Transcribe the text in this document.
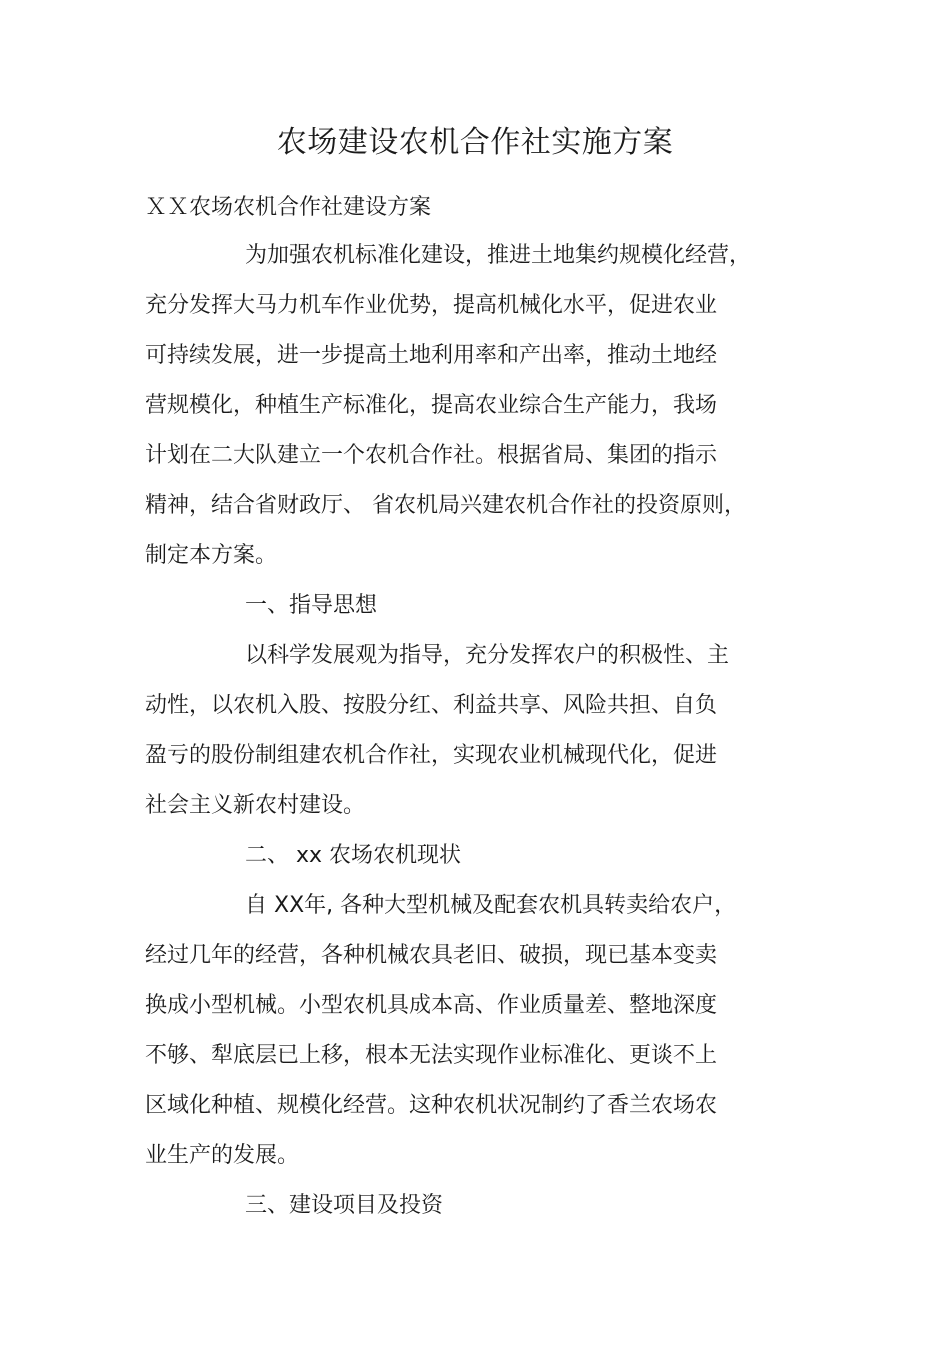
农场建设农机合作社实施方案
ＸＸ农场农机合作社建设方案
为加强农机标准化建设，推进土地集约规模化经营，
充分发挥大马力机车作业优势，提高机械化水平，促进农业
可持续发展，进一步提高土地利用率和产出率，推动土地经
营规模化，种植生产标准化，提高农业综合生产能力，我场
计划在二大队建立一个农机合作社。根据省局、集团的指示
精神，结合省财政厅、 省农机局兴建农机合作社的投资原则，
制定本方案。
一、指导思想
以科学发展观为指导，充分发挥农户的积极性、主
动性，以农机入股、按股分红、利益共享、风险共担、自负
盈亏的股份制组建农机合作社，实现农业机械现代化，促进
社会主义新农村建设。
二、 xx 农场农机现状
自 XX年, 各种大型机械及配套农机具转卖给农户，
经过几年的经营，各种机械农具老旧、破损，现已基本变卖
换成小型机械。小型农机具成本高、作业质量差、整地深度
不够、犁底层已上移，根本无法实现作业标准化、更谈不上
区域化种植、规模化经营。这种农机状况制约了香兰农场农
业生产的发展。
三、建设项目及投资
